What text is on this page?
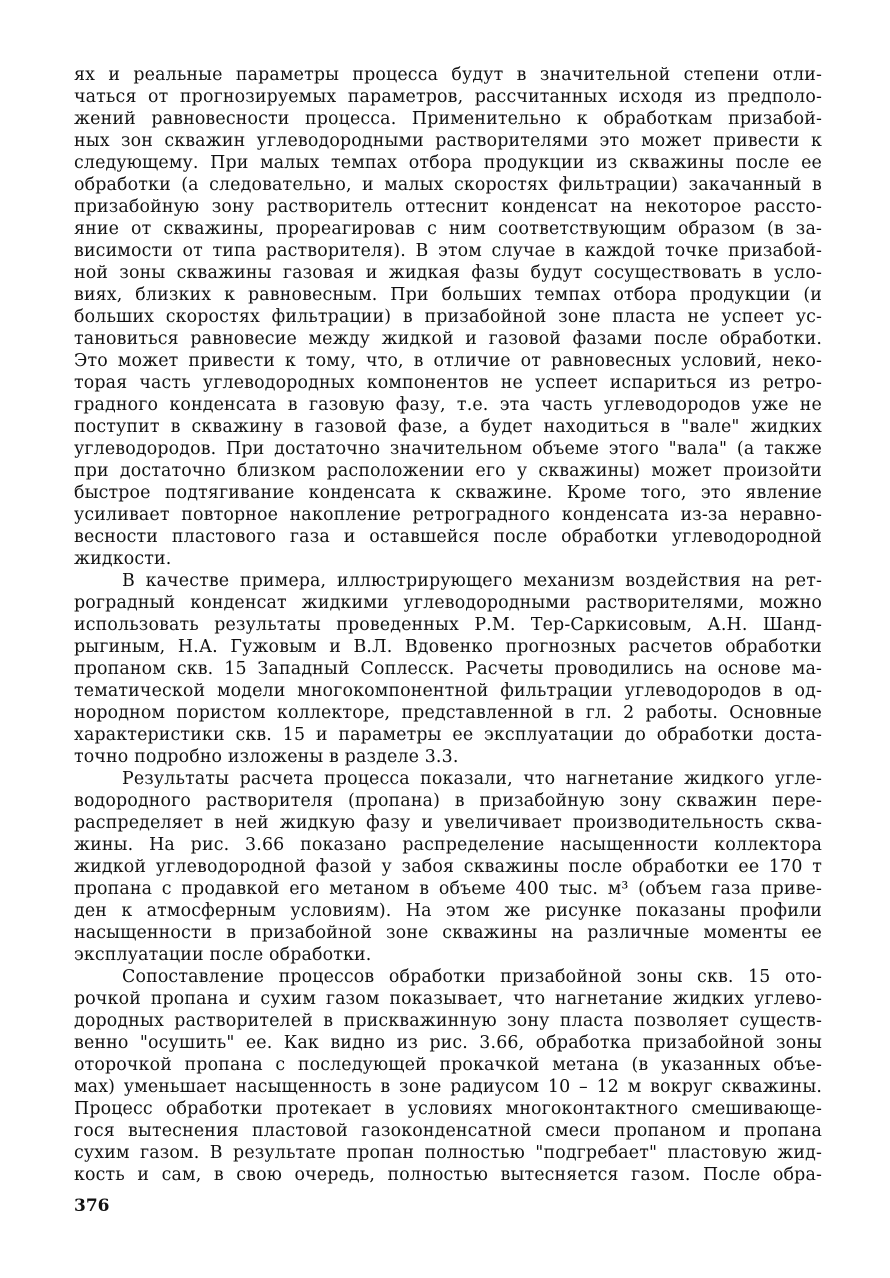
ях и реальные параметры процесса будут в значительной степени отли-
чаться от прогнозируемых параметров, рассчитанных исходя из предполо-
жений равновесности процесса. Применительно к обработкам призабой-
ных зон скважин углеводородными растворителями это может привести к
следующему. При малых темпах отбора продукции из скважины после ее
обработки (а следовательно, и малых скоростях фильтрации) закачанный в
призабойную зону растворитель оттеснит конденсат на некоторое рассто-
яние от скважины, прореагировав с ним соответствующим образом (в за-
висимости от типа растворителя). В этом случае в каждой точке призабой-
ной зоны скважины газовая и жидкая фазы будут сосуществовать в усло-
виях, близких к равновесным. При больших темпах отбора продукции (и
больших скоростях фильтрации) в призабойной зоне пласта не успеет ус-
тановиться равновесие между жидкой и газовой фазами после обработки.
Это может привести к тому, что, в отличие от равновесных условий, неко-
торая часть углеводородных компонентов не успеет испариться из ретро-
градного конденсата в газовую фазу, т.е. эта часть углеводородов уже не
поступит в скважину в газовой фазе, а будет находиться в "вале" жидких
углеводородов. При достаточно значительном объеме этого "вала" (а также
при достаточно близком расположении его у скважины) может произойти
быстрое подтягивание конденсата к скважине. Кроме того, это явление
усиливает повторное накопление ретроградного конденсата из-за неравно-
весности пластового газа и оставшейся после обработки углеводородной
жидкости.
В качестве примера, иллюстрирующего механизм воздействия на рет-
роградный конденсат жидкими углеводородными растворителями, можно
использовать результаты проведенных Р.М. Тер-Саркисовым, А.Н. Шанд-
рыгиным, Н.А. Гужовым и В.Л. Вдовенко прогнозных расчетов обработки
пропаном скв. 15 Западный Соплесск. Расчеты проводились на основе ма-
тематической модели многокомпонентной фильтрации углеводородов в од-
нородном пористом коллекторе, представленной в гл. 2 работы. Основные
характеристики скв. 15 и параметры ее эксплуатации до обработки доста-
точно подробно изложены в разделе 3.3.
Результаты расчета процесса показали, что нагнетание жидкого угле-
водородного растворителя (пропана) в призабойную зону скважин пере-
распределяет в ней жидкую фазу и увеличивает производительность сква-
жины. На рис. 3.66 показано распределение насыщенности коллектора
жидкой углеводородной фазой у забоя скважины после обработки ее 170 т
пропана с продавкой его метаном в объеме 400 тыс. м³ (объем газа приве-
ден к атмосферным условиям). На этом же рисунке показаны профили
насыщенности в призабойной зоне скважины на различные моменты ее
эксплуатации после обработки.
Сопоставление процессов обработки призабойной зоны скв. 15 ото-
рочкой пропана и сухим газом показывает, что нагнетание жидких углево-
дородных растворителей в прискважинную зону пласта позволяет существ-
венно "осушить" ее. Как видно из рис. 3.66, обработка призабойной зоны
оторочкой пропана с последующей прокачкой метана (в указанных объе-
мах) уменьшает насыщенность в зоне радиусом 10 – 12 м вокруг скважины.
Процесс обработки протекает в условиях многоконтактного смешивающе-
гося вытеснения пластовой газоконденсатной смеси пропаном и пропана
сухим газом. В результате пропан полностью "подгребает" пластовую жид-
кость и сам, в свою очередь, полностью вытесняется газом. После обра-
376
